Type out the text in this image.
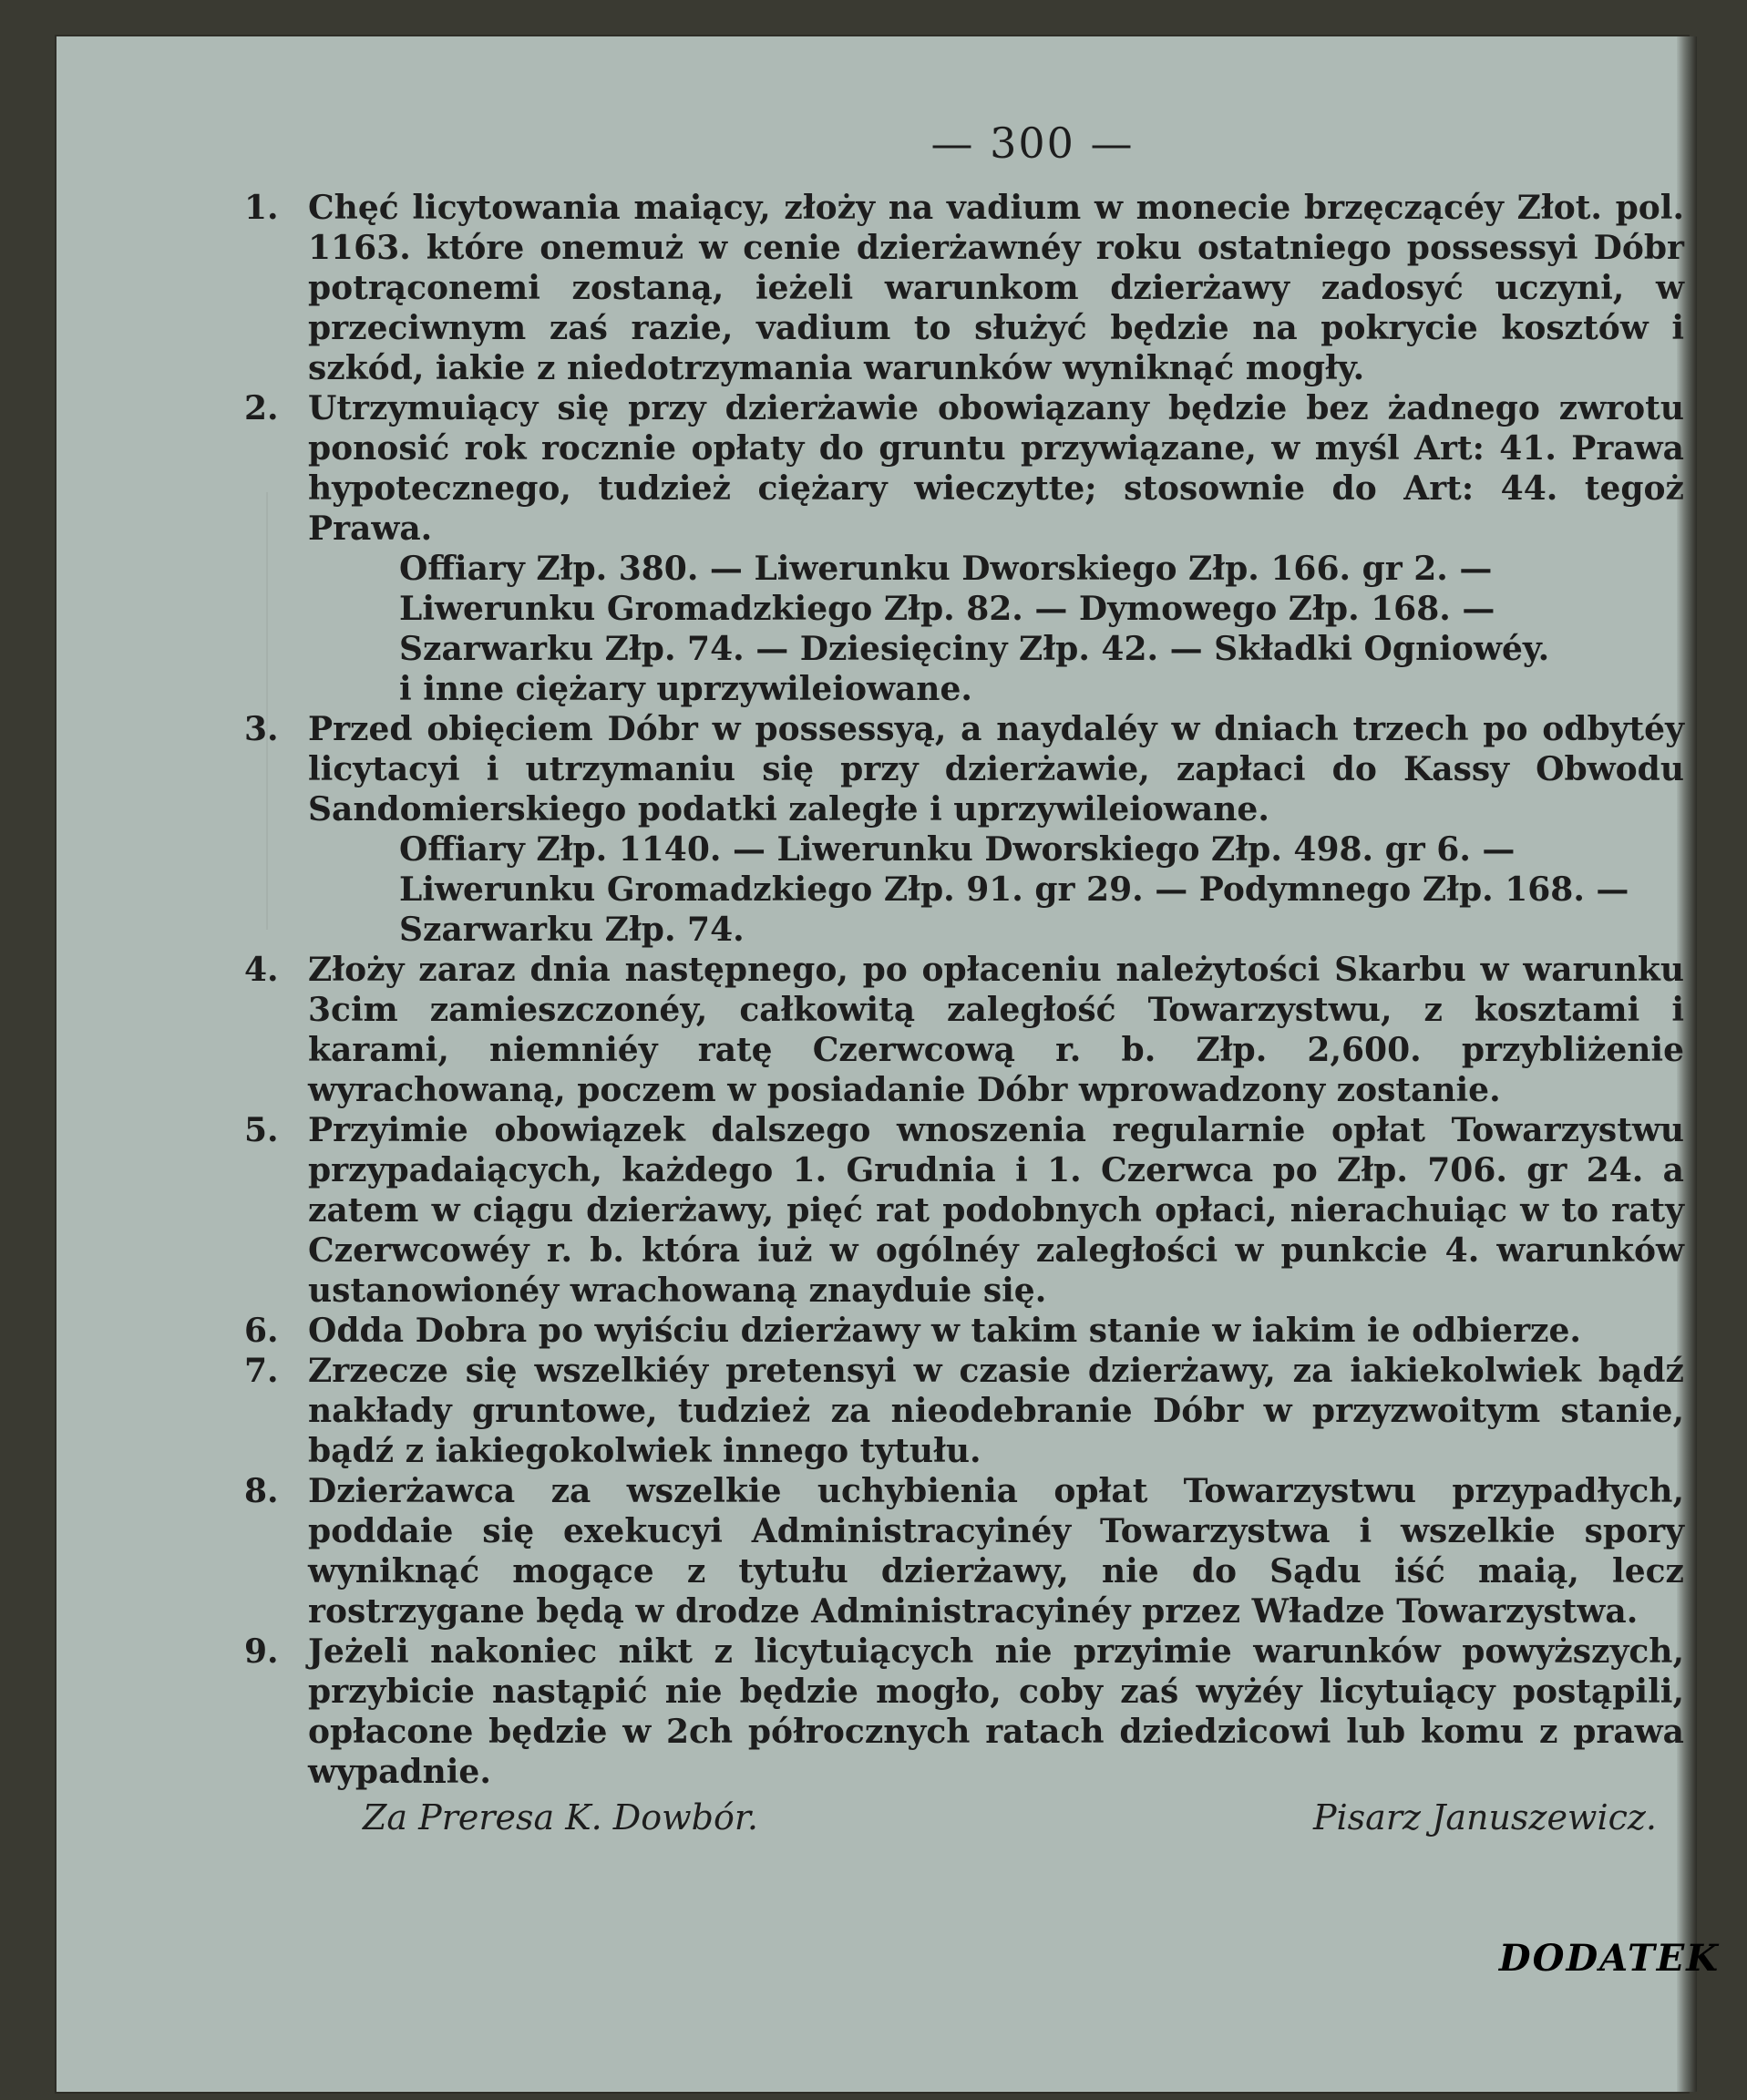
— 300 —
1. Chęć licytowania maiący, złoży na vadium w monecie brzęczącéy Złot. pol. 1163. które onemuż w cenie dzierżawnéy roku ostatniego possessyi Dóbr potrąconemi zostaną, ieżeli warunkom dzierżawy zadosyć uczyni, w przeciwnym zaś razie, vadium to służyć będzie na pokrycie kosztów i szkód, iakie z niedotrzymania warunków wyniknąć mogły.
2. Utrzymuiący się przy dzierżawie obowiązany będzie bez żadnego zwrotu ponosić rok rocznie opłaty do gruntu przywiązane, w myśl Art: 41. Prawa hypotecznego, tudzież ciężary wieczytte; stosownie do Art: 44. tegoż Prawa.
Offiary Złp. 380. — Liwerunku Dworskiego Złp. 166. gr 2. —
Liwerunku Gromadzkiego Złp. 82. — Dymowego Złp. 168. —
Szarwarku Złp. 74. — Dziesięciny Złp. 42. — Składki Ogniowéy.
i inne ciężary uprzywileiowane.
3. Przed obięciem Dóbr w possessyą, a naydaléy w dniach trzech po odbytéy licytacyi i utrzymaniu się przy dzierżawie, zapłaci do Kassy Obwodu Sandomierskiego podatki zaległe i uprzywileiowane.
Offiary Złp. 1140. — Liwerunku Dworskiego Złp. 498. gr 6. —
Liwerunku Gromadzkiego Złp. 91. gr 29. — Podymnego Złp. 168. —
Szarwarku Złp. 74.
4. Złoży zaraz dnia następnego, po opłaceniu należytości Skarbu w warunku 3cim zamieszczonéy, całkowitą zaległość Towarzystwu, z kosztami i karami, niemniéy ratę Czerwcową r. b. Złp. 2,600. przybliżenie wyrachowaną, poczem w posiadanie Dóbr wprowadzony zostanie.
5. Przyimie obowiązek dalszego wnoszenia regularnie opłat Towarzystwu przypadaiących, każdego 1. Grudnia i 1. Czerwca po Złp. 706. gr 24. a zatem w ciągu dzierżawy, pięć rat podobnych opłaci, nierachuiąc w to raty Czerwcowéy r. b. która iuż w ogólnéy zaległości w punkcie 4. warunków ustanowionéy wrachowaną znayduie się.
6. Odda Dobra po wyiściu dzierżawy w takim stanie w iakim ie odbierze.
7. Zrzecze się wszelkiéy pretensyi w czasie dzierżawy, za iakiekolwiek bądź nakłady gruntowe, tudzież za nieodebranie Dóbr w przyzwoitym stanie, bądź z iakiegokolwiek innego tytułu.
8. Dzierżawca za wszelkie uchybienia opłat Towarzystwu przypadłych, poddaie się exekucyi Administracyinéy Towarzystwa i wszelkie spory wyniknąć mogące z tytułu dzierżawy, nie do Sądu iść maią, lecz rostrzygane będą w drodze Administracyinéy przez Władze Towarzystwa.
9. Jeżeli nakoniec nikt z licytuiących nie przyimie warunków powyższych, przybicie nastąpić nie będzie mogło, coby zaś wyżéy licytuiący postąpili, opłacone będzie w 2ch półrocznych ratach dziedzicowi lub komu z prawa wypadnie.
Za Preresa K. Dowbór.	Pisarz Januszewicz.
DODATEK
